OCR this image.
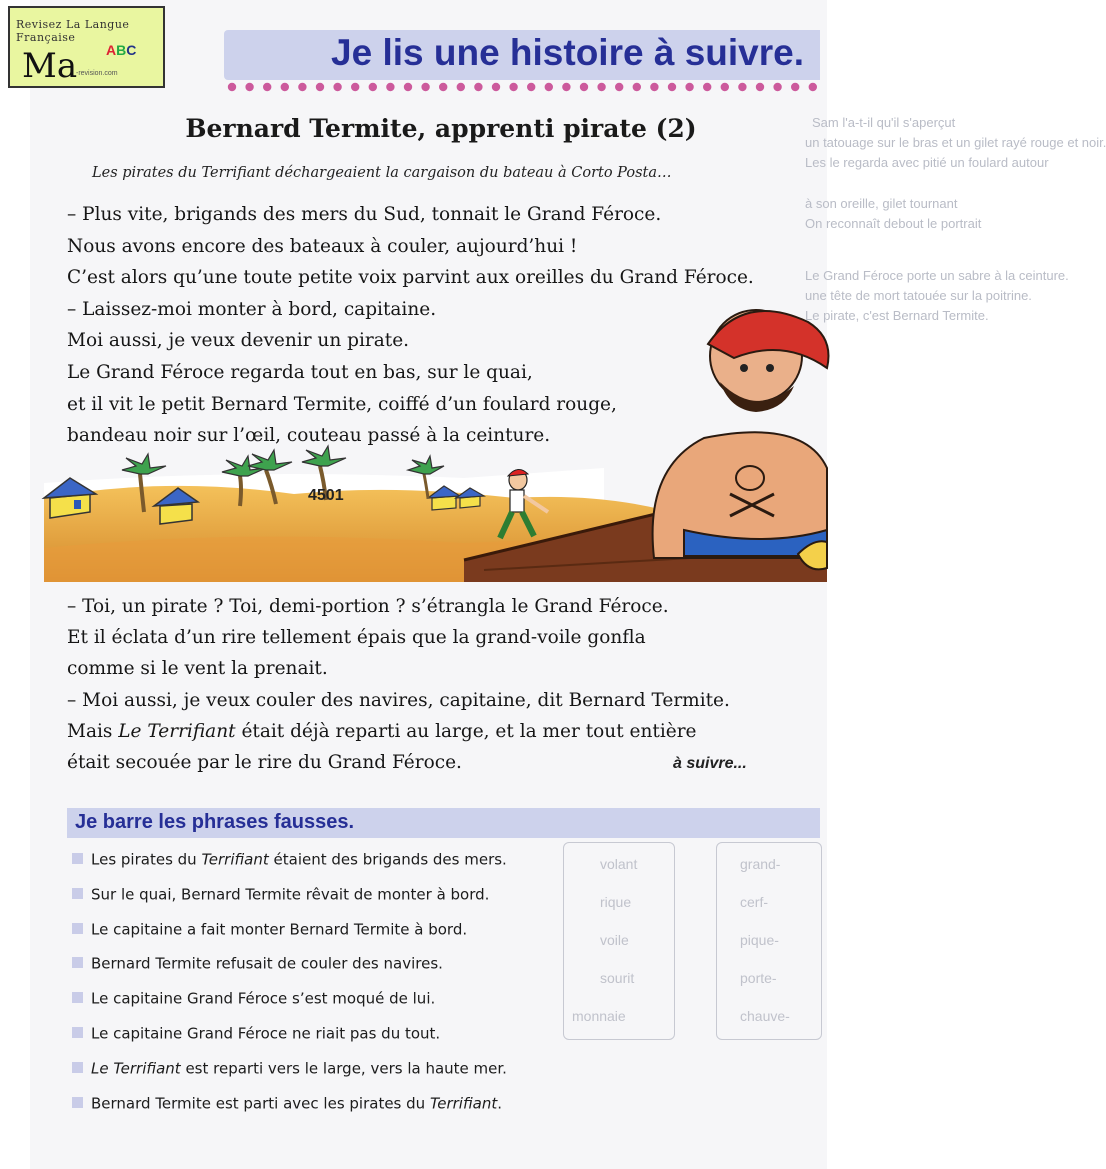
Sam l'a-t-il qu'il s'aperçut
un tatouage sur le bras et un gilet rayé rouge et noir.
Les le regarda avec pitié un foulard autour
à son oreille, gilet tournant
On reconnaît debout le portrait
Le Grand Féroce porte un sabre à la ceinture.
une tête de mort tatouée sur la poitrine.
Le pirate, c'est Bernard Termite.
Revisez La Langue Française
Ma ABC
-revision.com
Je lis une histoire à suivre.
Bernard Termite, apprenti pirate (2)
Les pirates du Terrifiant déchargeaient la cargaison du bateau à Corto Posta…
– Plus vite, brigands des mers du Sud, tonnait le Grand Féroce.
Nous avons encore des bateaux à couler, aujourd’hui !
C’est alors qu’une toute petite voix parvint aux oreilles du Grand Féroce.
– Laissez-moi monter à bord, capitaine.
Moi aussi, je veux devenir un pirate.
Le Grand Féroce regarda tout en bas, sur le quai,
et il vit le petit Bernard Termite, coiffé d’un foulard rouge,
bandeau noir sur l’œil, couteau passé à la ceinture.
4501
– Toi, un pirate ? Toi, demi-portion ? s’étrangla le Grand Féroce.
Et il éclata d’un rire tellement épais que la grand-voile gonfla
comme si le vent la prenait.
– Moi aussi, je veux couler des navires, capitaine, dit Bernard Termite.
Mais Le Terrifiant était déjà reparti au large, et la mer tout entière
était secouée par le rire du Grand Féroce.	à suivre...
Je barre les phrases fausses.
volant
rique
voile
sourit
monnaie
grand-
cerf-
pique-
porte-
chauve-
Les pirates du Terrifiant étaient des brigands des mers.
Sur le quai, Bernard Termite rêvait de monter à bord.
Le capitaine a fait monter Bernard Termite à bord.
Bernard Termite refusait de couler des navires.
Le capitaine Grand Féroce s’est moqué de lui.
Le capitaine Grand Féroce ne riait pas du tout.
Le Terrifiant est reparti vers le large, vers la haute mer.
Bernard Termite est parti avec les pirates du Terrifiant.
